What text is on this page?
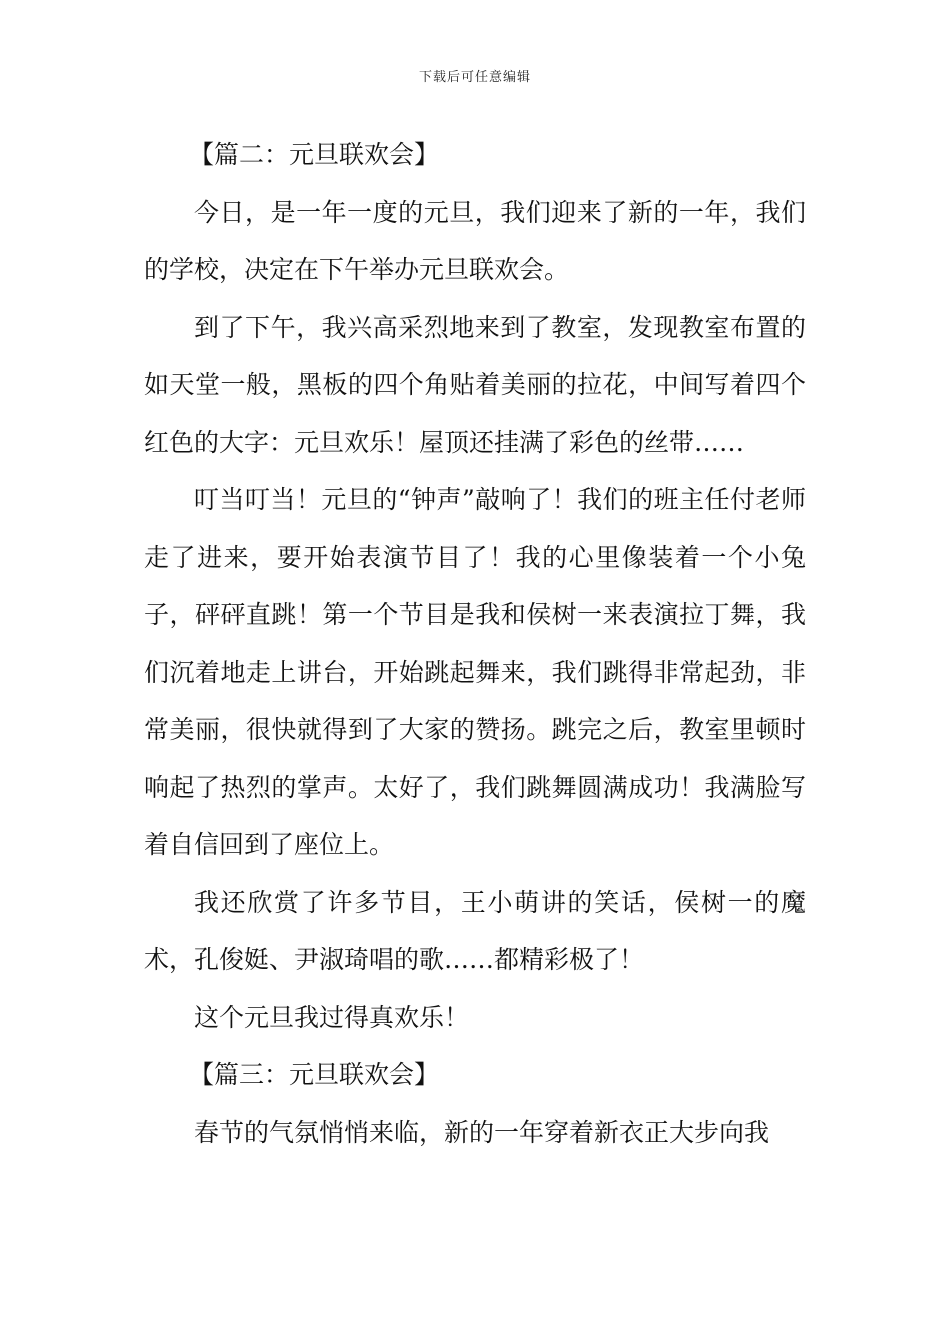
下载后可任意编辑

【篇二：元旦联欢会】

今日，是一年一度的元旦，我们迎来了新的一年，我们的学校，决定在下午举办元旦联欢会。

到了下午，我兴高采烈地来到了教室，发现教室布置的如天堂一般，黑板的四个角贴着美丽的拉花，中间写着四个红色的大字：元旦欢乐！屋顶还挂满了彩色的丝带……

叮当叮当！元旦的“钟声”敲响了！我们的班主任付老师走了进来，要开始表演节目了！我的心里像装着一个小兔子，砰砰直跳！第一个节目是我和侯树一来表演拉丁舞，我们沉着地走上讲台，开始跳起舞来，我们跳得非常起劲，非常美丽，很快就得到了大家的赞扬。跳完之后，教室里顿时响起了热烈的掌声。太好了，我们跳舞圆满成功！我满脸写着自信回到了座位上。

我还欣赏了许多节目，王小萌讲的笑话，侯树一的魔术，孔俊娗、尹淑琦唱的歌……都精彩极了！

这个元旦我过得真欢乐！

【篇三：元旦联欢会】

春节的气氛悄悄来临，新的一年穿着新衣正大步向我
